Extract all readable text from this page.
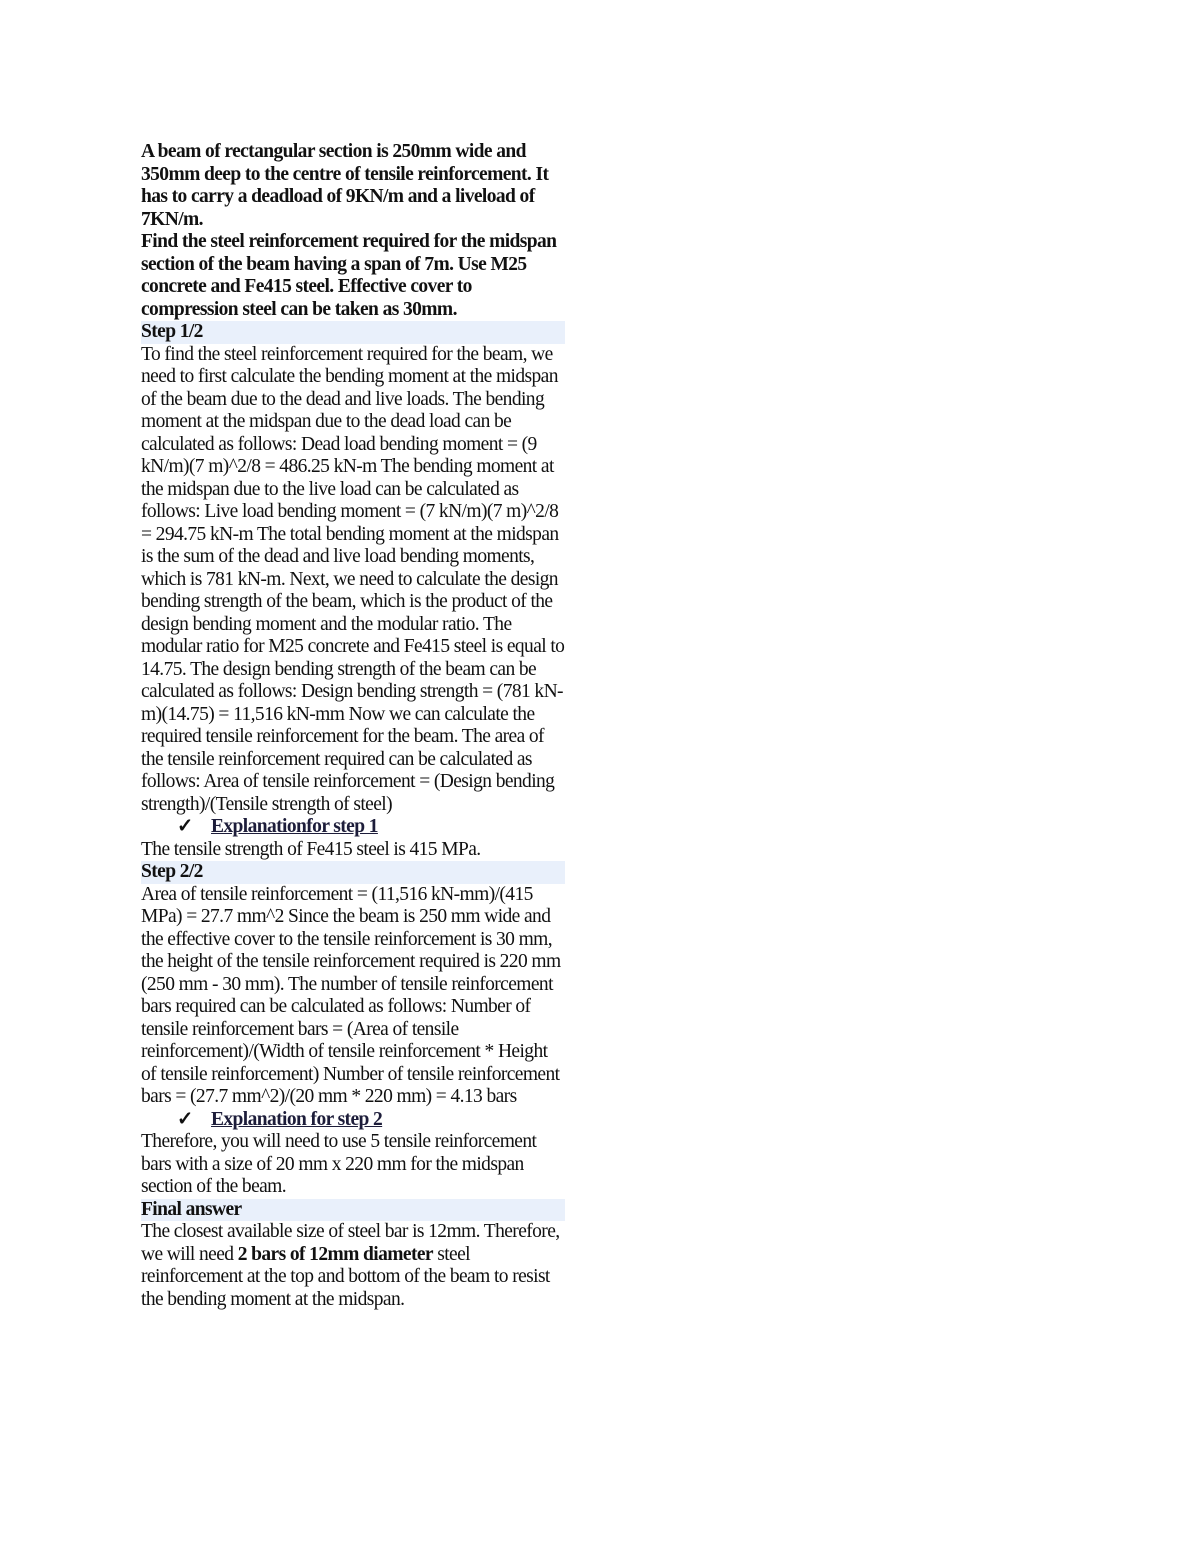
A beam of rectangular section is 250mm wide and 350mm deep to the centre of tensile reinforcement. It has to carry a deadload of 9KN/m and a liveload of 7KN/m.

Find the steel reinforcement required for the midspan section of the beam having a span of 7m. Use M25 concrete and Fe415 steel. Effective cover to compression steel can be taken as 30mm.

Step 1/2

To find the steel reinforcement required for the beam, we need to first calculate the bending moment at the midspan of the beam due to the dead and live loads. The bending moment at the midspan due to the dead load can be calculated as follows: Dead load bending moment = (9 kN/m)(7 m)^2/8 = 486.25 kN-m The bending moment at the midspan due to the live load can be calculated as follows: Live load bending moment = (7 kN/m)(7 m)^2/8 = 294.75 kN-m The total bending moment at the midspan is the sum of the dead and live load bending moments, which is 781 kN-m. Next, we need to calculate the design bending strength of the beam, which is the product of the design bending moment and the modular ratio. The modular ratio for M25 concrete and Fe415 steel is equal to 14.75. The design bending strength of the beam can be calculated as follows: Design bending strength = (781 kN-m)(14.75) = 11,516 kN-mm Now we can calculate the required tensile reinforcement for the beam. The area of the tensile reinforcement required can be calculated as follows: Area of tensile reinforcement = (Design bending strength)/(Tensile strength of steel)

✓ Explanationfor step 1

The tensile strength of Fe415 steel is 415 MPa.

Step 2/2

Area of tensile reinforcement = (11,516 kN-mm)/(415 MPa) = 27.7 mm^2 Since the beam is 250 mm wide and the effective cover to the tensile reinforcement is 30 mm, the height of the tensile reinforcement required is 220 mm (250 mm - 30 mm). The number of tensile reinforcement bars required can be calculated as follows: Number of tensile reinforcement bars = (Area of tensile reinforcement)/(Width of tensile reinforcement * Height of tensile reinforcement) Number of tensile reinforcement bars = (27.7 mm^2)/(20 mm * 220 mm) = 4.13 bars

✓ Explanation for step 2

Therefore, you will need to use 5 tensile reinforcement bars with a size of 20 mm x 220 mm for the midspan section of the beam.

Final answer

The closest available size of steel bar is 12mm. Therefore, we will need 2 bars of 12mm diameter steel reinforcement at the top and bottom of the beam to resist the bending moment at the midspan.
